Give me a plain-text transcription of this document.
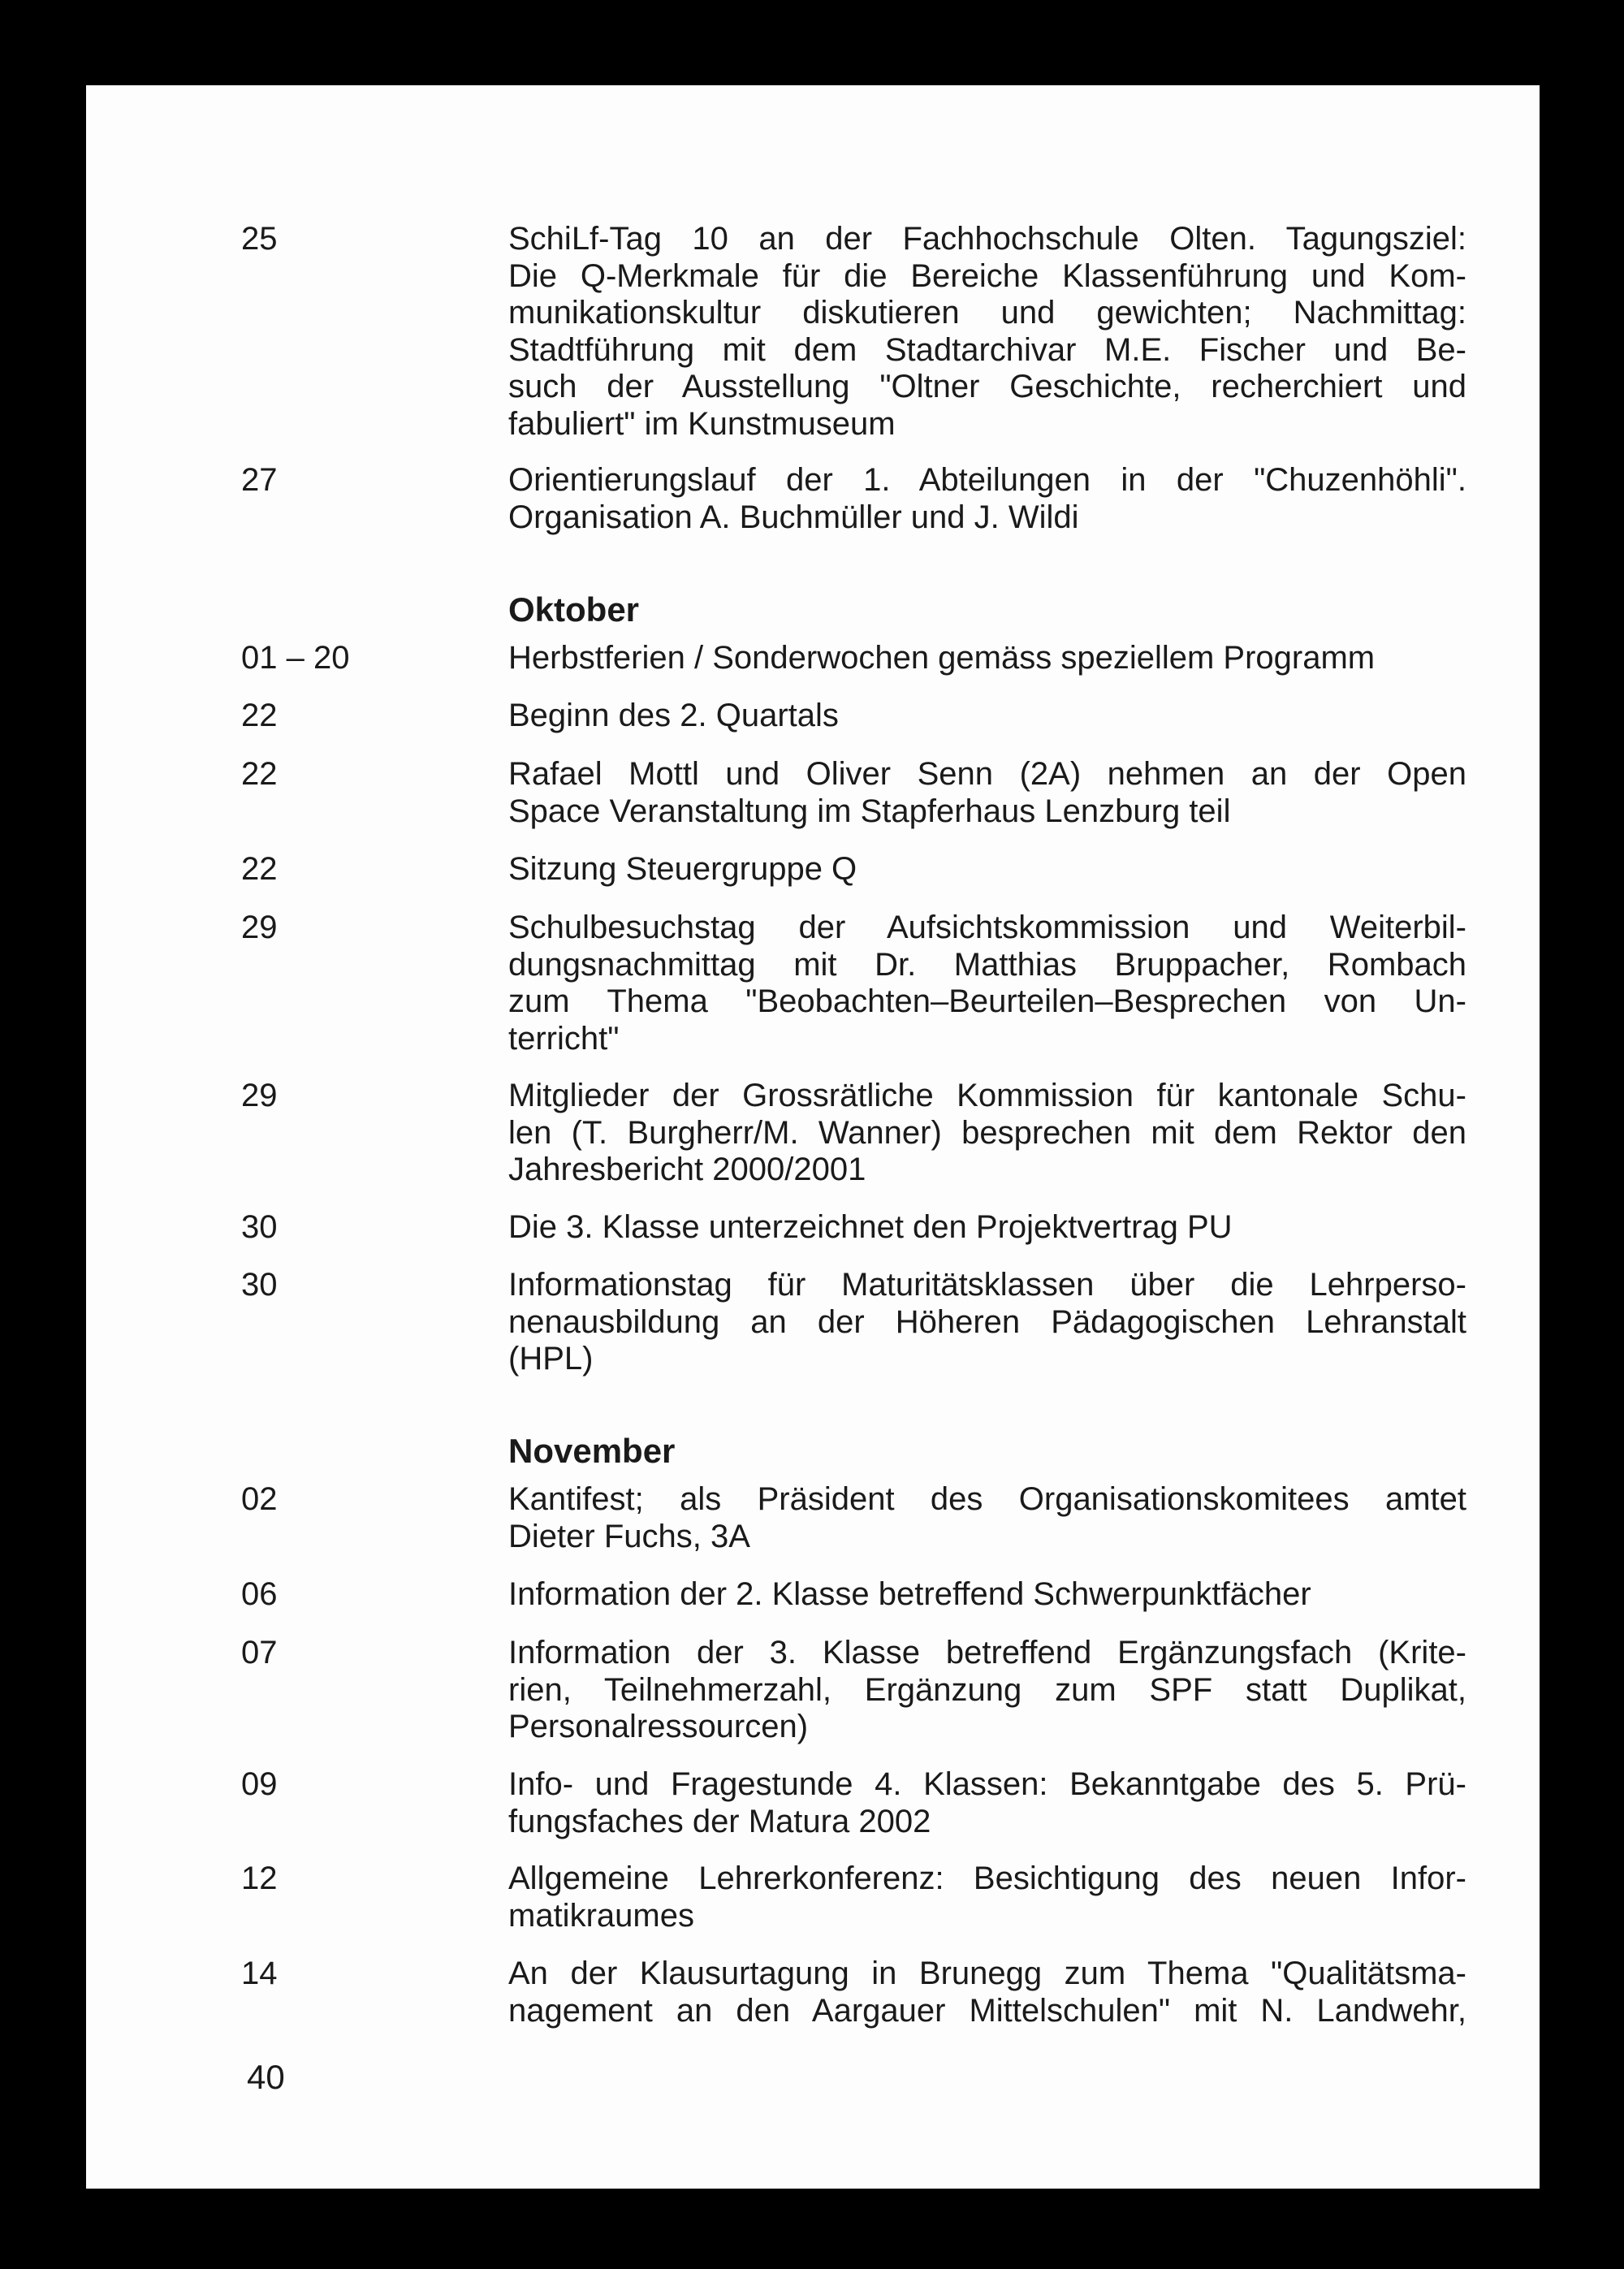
25	SchiLf-Tag 10 an der Fachhochschule Olten. Tagungsziel:
Die Q-Merkmale für die Bereiche Klassenführung und Kom-
munikationskultur diskutieren und gewichten; Nachmittag:
Stadtführung mit dem Stadtarchivar M.E. Fischer und Be-
such der Ausstellung "Oltner Geschichte, recherchiert und
fabuliert" im Kunstmuseum
27	Orientierungslauf der 1. Abteilungen in der "Chuzenhöhli".
Organisation A. Buchmüller und J. Wildi
Oktober
01 – 20	Herbstferien / Sonderwochen gemäss speziellem Programm
22	Beginn des 2. Quartals
22	Rafael Mottl und Oliver Senn (2A) nehmen an der Open
Space Veranstaltung im Stapferhaus Lenzburg teil
22	Sitzung Steuergruppe Q
29	Schulbesuchstag der Aufsichtskommission und Weiterbil-
dungsnachmittag mit Dr. Matthias Bruppacher, Rombach
zum Thema "Beobachten–Beurteilen–Besprechen von Un-
terricht"
29	Mitglieder der Grossrätliche Kommission für kantonale Schu-
len (T. Burgherr/M. Wanner) besprechen mit dem Rektor den
Jahresbericht 2000/2001
30	Die 3. Klasse unterzeichnet den Projektvertrag PU
30	Informationstag für Maturitätsklassen über die Lehrperso-
nenausbildung an der Höheren Pädagogischen Lehranstalt
(HPL)
November
02	Kantifest; als Präsident des Organisationskomitees amtet
Dieter Fuchs, 3A
06	Information der 2. Klasse betreffend Schwerpunktfächer
07	Information der 3. Klasse betreffend Ergänzungsfach (Krite-
rien, Teilnehmerzahl, Ergänzung zum SPF statt Duplikat,
Personalressourcen)
09	Info- und Fragestunde 4. Klassen: Bekanntgabe des 5. Prü-
fungsfaches der Matura 2002
12	Allgemeine Lehrerkonferenz: Besichtigung des neuen Infor-
matikraumes
14	An der Klausurtagung in Brunegg zum Thema "Qualitätsma-
nagement an den Aargauer Mittelschulen" mit N. Landwehr,
40
